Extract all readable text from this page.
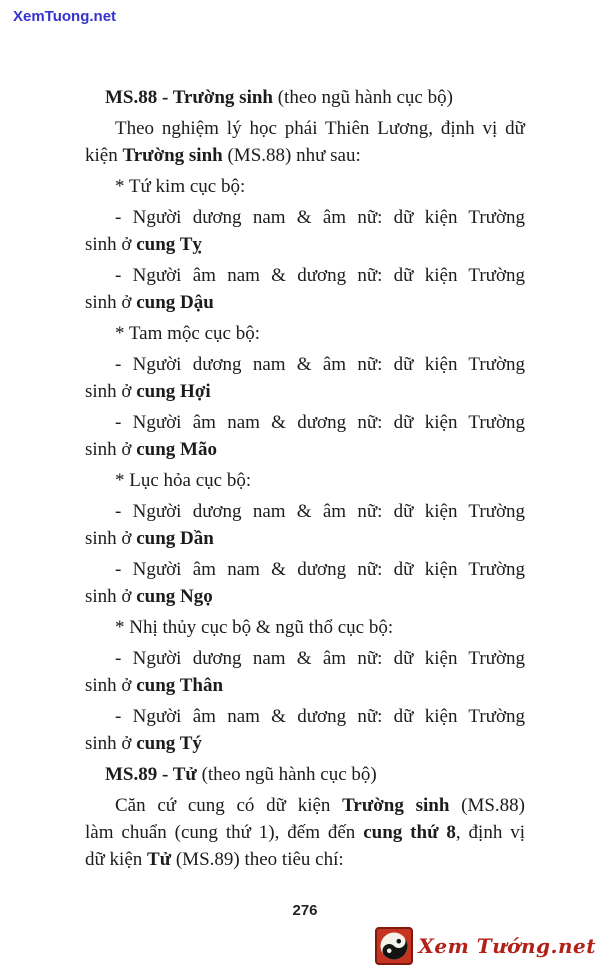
XemTuong.net
MS.88 - Trường sinh (theo ngũ hành cục bộ)
Theo nghiệm lý học phái Thiên Lương, định vị dữ
kiện Trường sinh (MS.88) như sau:
* Tứ kim cục bộ:
- Người dương nam & âm nữ: dữ kiện Trường
sinh ở cung Tỵ
- Người âm nam & dương nữ: dữ kiện Trường
sinh ở cung Dậu
* Tam mộc cục bộ:
- Người dương nam & âm nữ: dữ kiện Trường
sinh ở cung Hợi
- Người âm nam & dương nữ: dữ kiện Trường
sinh ở cung Mão
* Lục hỏa cục bộ:
- Người dương nam & âm nữ: dữ kiện Trường
sinh ở cung Dần
- Người âm nam & dương nữ: dữ kiện Trường
sinh ở cung Ngọ
* Nhị thủy cục bộ & ngũ thổ cục bộ:
- Người dương nam & âm nữ: dữ kiện Trường
sinh ở cung Thân
- Người âm nam & dương nữ: dữ kiện Trường
sinh ở cung Tý
MS.89 - Tử (theo ngũ hành cục bộ)
Căn cứ cung có dữ kiện Trường sinh (MS.88)
làm chuẩn (cung thứ 1), đếm đến cung thứ 8, định vị
dữ kiện Tử (MS.89) theo tiêu chí:
276
Xem Tướng.net
